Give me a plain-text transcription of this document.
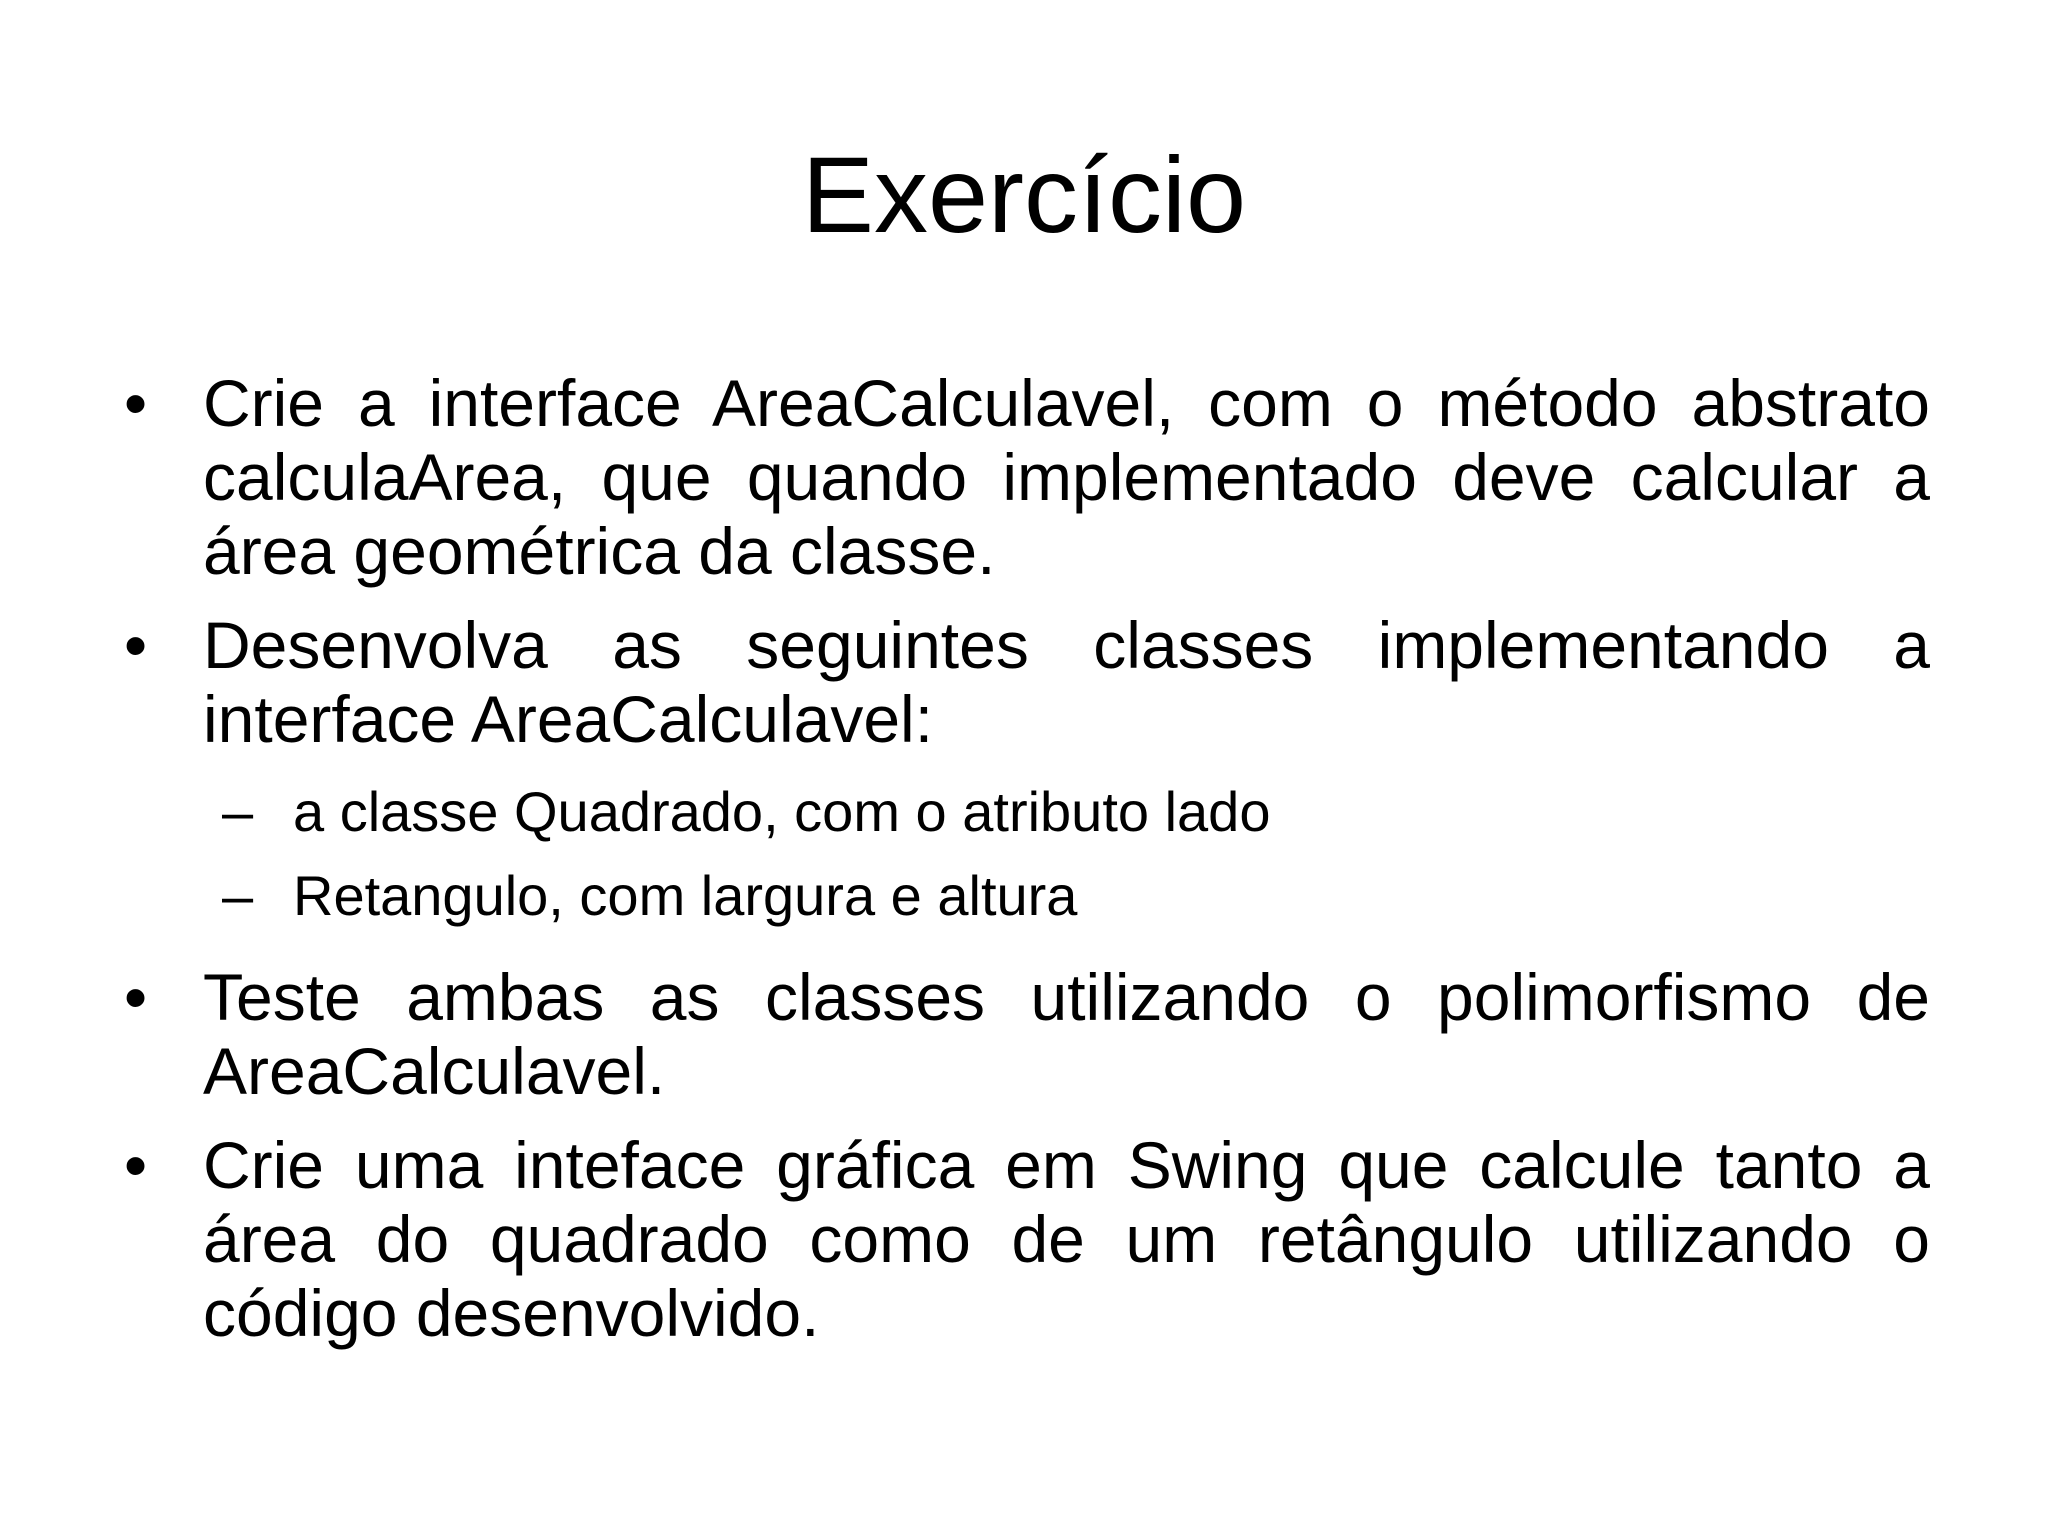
Exercício
• Crie a interface AreaCalculavel, com o método abstrato calculaArea, que quando implementado deve calcular a área geométrica da classe.
• Desenvolva as seguintes classes implementando a interface AreaCalculavel:
– a classe Quadrado, com o atributo lado
– Retangulo, com largura e altura
• Teste ambas as classes utilizando o polimorfismo de AreaCalculavel.
• Crie uma inteface gráfica em Swing que calcule tanto a área do quadrado como de um retângulo utilizando o código desenvolvido.
